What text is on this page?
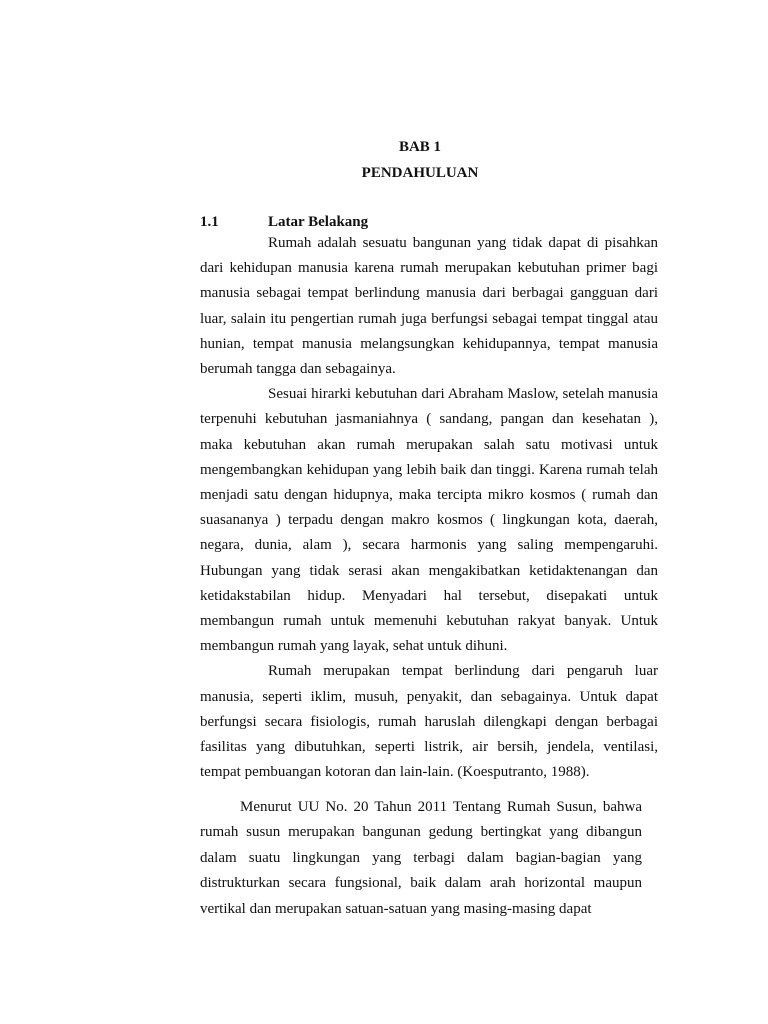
BAB 1
PENDAHULUAN
1.1	Latar Belakang

Rumah adalah sesuatu bangunan yang tidak dapat di pisahkan dari kehidupan manusia karena rumah merupakan kebutuhan primer bagi manusia sebagai tempat berlindung manusia dari berbagai gangguan dari luar, salain itu pengertian rumah juga berfungsi sebagai tempat tinggal atau hunian, tempat manusia melangsungkan kehidupannya, tempat manusia berumah tangga dan sebagainya.

Sesuai hirarki kebutuhan dari Abraham Maslow, setelah manusia terpenuhi kebutuhan jasmaniahnya ( sandang, pangan dan kesehatan ), maka kebutuhan akan rumah merupakan salah satu motivasi untuk mengembangkan kehidupan yang lebih baik dan tinggi. Karena rumah telah menjadi satu dengan hidupnya, maka tercipta mikro kosmos ( rumah dan suasananya ) terpadu dengan makro kosmos ( lingkungan kota, daerah, negara, dunia, alam ), secara harmonis yang saling mempengaruhi. Hubungan yang tidak serasi akan mengakibatkan ketidaktenangan dan ketidakstabilan hidup. Menyadari hal tersebut, disepakati untuk membangun rumah untuk memenuhi kebutuhan rakyat banyak. Untuk membangun rumah yang layak, sehat untuk dihuni.

Rumah merupakan tempat berlindung dari pengaruh luar manusia, seperti iklim, musuh, penyakit, dan sebagainya. Untuk dapat berfungsi secara fisiologis, rumah haruslah dilengkapi dengan berbagai fasilitas yang dibutuhkan, seperti listrik, air bersih, jendela, ventilasi, tempat pembuangan kotoran dan lain-lain. (Koesputranto, 1988).

Menurut UU No. 20 Tahun 2011 Tentang Rumah Susun, bahwa rumah susun merupakan bangunan gedung bertingkat yang dibangun dalam suatu lingkungan yang terbagi dalam bagian-bagian yang distrukturkan secara fungsional, baik dalam arah horizontal maupun vertikal dan merupakan satuan-satuan yang masing-masing dapat
